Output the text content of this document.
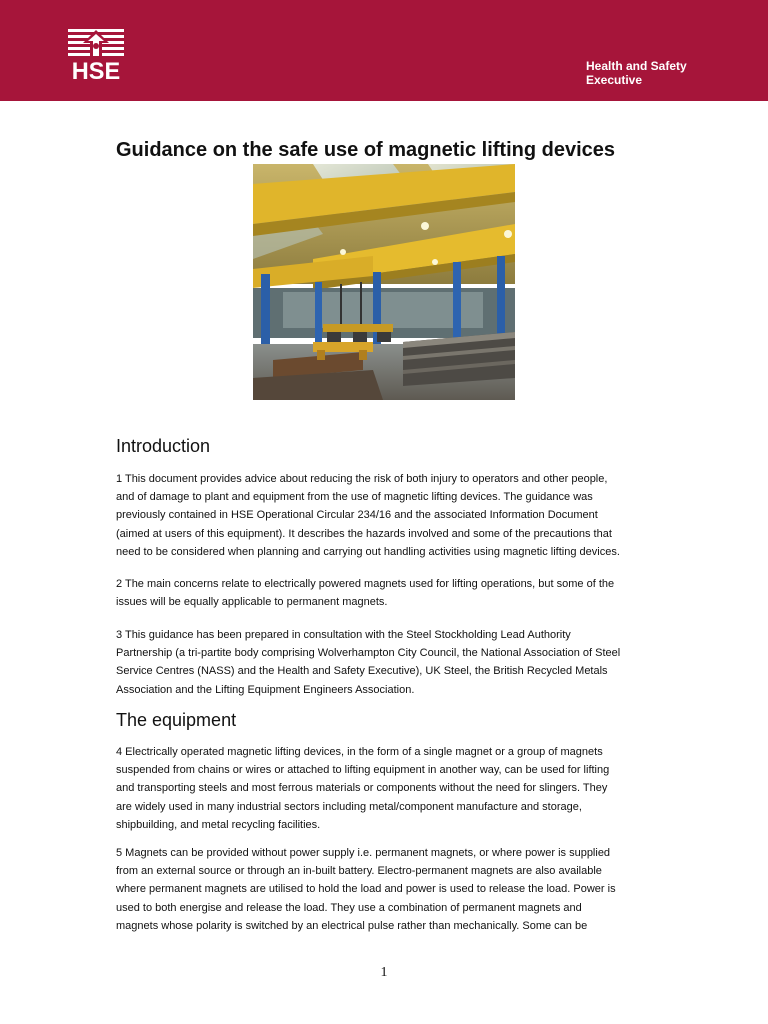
HSE	Health and Safety
Executive
Guidance on the safe use of magnetic lifting devices
Introduction

1 This document provides advice about reducing the risk of both injury to operators and other people,
and of damage to plant and equipment from the use of magnetic lifting devices. The guidance was
previously contained in HSE Operational Circular 234/16 and the associated Information Document
(aimed at users of this equipment). It describes the hazards involved and some of the precautions that
need to be considered when planning and carrying out handling activities using magnetic lifting devices.

2 The main concerns relate to electrically powered magnets used for lifting operations, but some of the
issues will be equally applicable to permanent magnets.

3 This guidance has been prepared in consultation with the Steel Stockholding Lead Authority
Partnership (a tri-partite body comprising Wolverhampton City Council, the National Association of Steel
Service Centres (NASS) and the Health and Safety Executive), UK Steel, the British Recycled Metals
Association and the Lifting Equipment Engineers Association.

The equipment

4 Electrically operated magnetic lifting devices, in the form of a single magnet or a group of magnets
suspended from chains or wires or attached to lifting equipment in another way, can be used for lifting
and transporting steels and most ferrous materials or components without the need for slingers. They
are widely used in many industrial sectors including metal/component manufacture and storage,
shipbuilding, and metal recycling facilities.

5 Magnets can be provided without power supply i.e. permanent magnets, or where power is supplied
from an external source or through an in-built battery. Electro-permanent magnets are also available
where permanent magnets are utilised to hold the load and power is used to release the load. Power is
used to both energise and release the load. They use a combination of permanent magnets and
magnets whose polarity is switched by an electrical pulse rather than mechanically. Some can be

1
